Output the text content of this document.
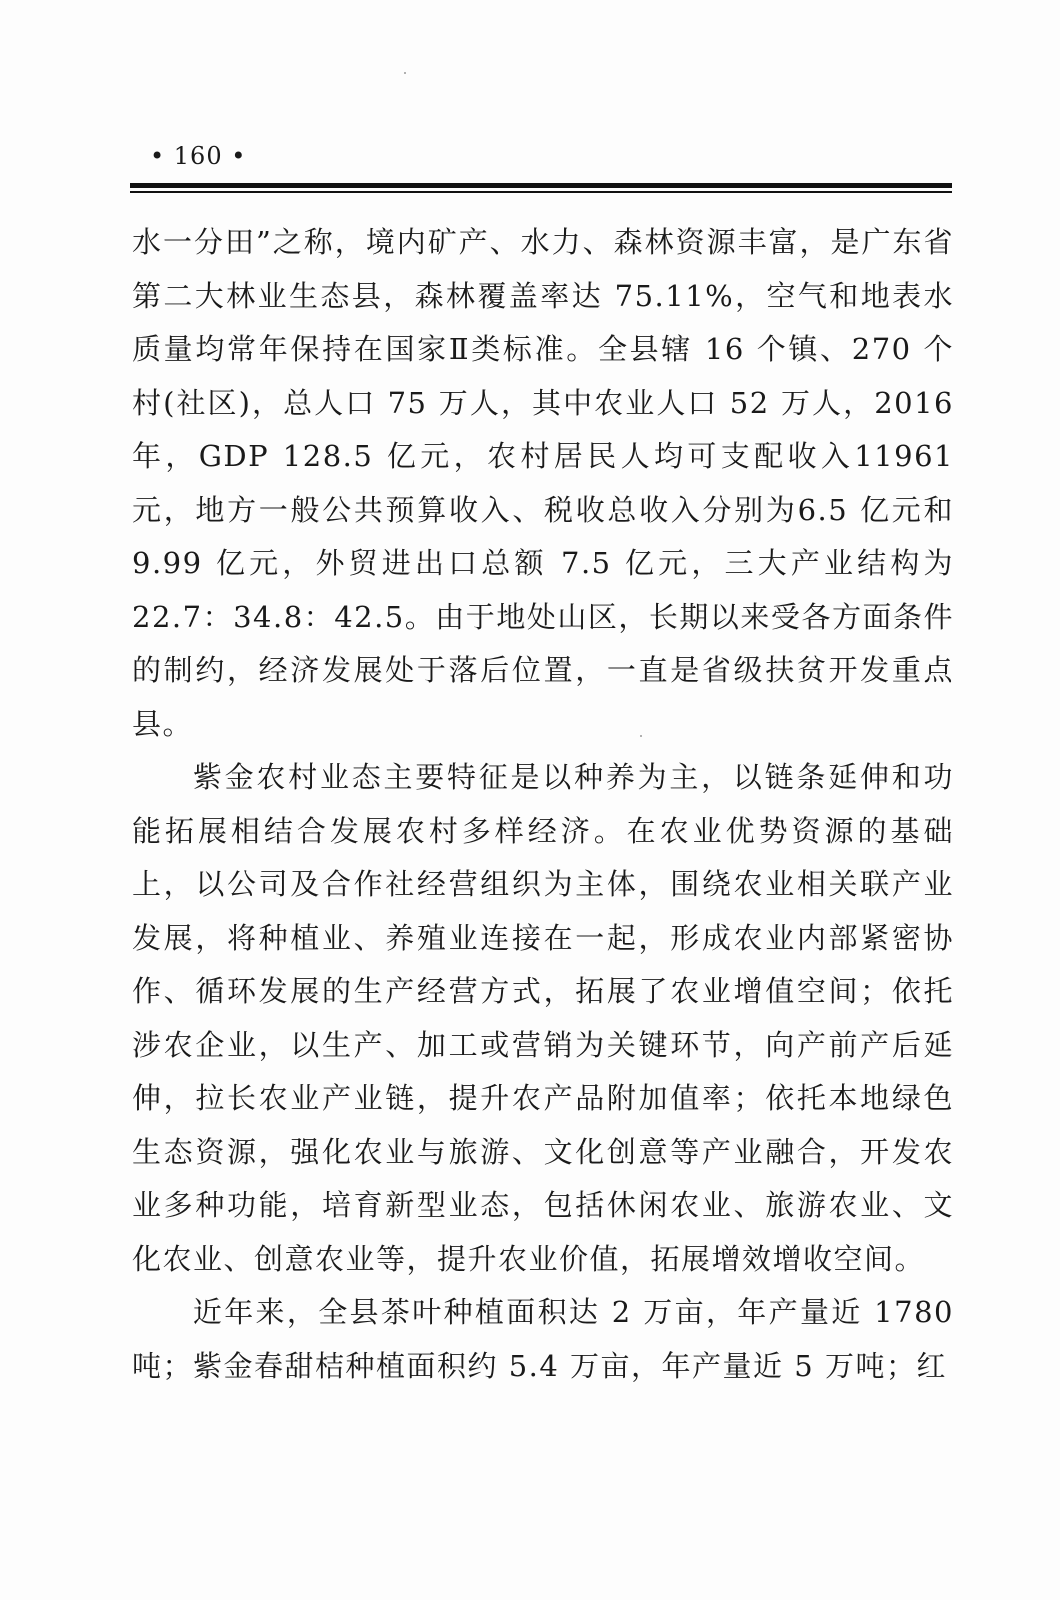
• 160 •

水一分田”之称，境内矿产、水力、森林资源丰富，是广东省第二大林业生态县，森林覆盖率达 75.11%，空气和地表水质量均常年保持在国家Ⅱ类标准。全县辖 16 个镇、270 个村(社区)，总人口 75 万人，其中农业人口 52 万人，2016 年，GDP 128.5 亿元，农村居民人均可支配收入11961 元，地方一般公共预算收入、税收总收入分别为6.5 亿元和 9.99 亿元，外贸进出口总额 7.5 亿元，三大产业结构为 22.7：34.8：42.5。由于地处山区，长期以来受各方面条件的制约，经济发展处于落后位置，一直是省级扶贫开发重点县。

紫金农村业态主要特征是以种养为主，以链条延伸和功能拓展相结合发展农村多样经济。在农业优势资源的基础上，以公司及合作社经营组织为主体，围绕农业相关联产业发展，将种植业、养殖业连接在一起，形成农业内部紧密协作、循环发展的生产经营方式，拓展了农业增值空间；依托涉农企业，以生产、加工或营销为关键环节，向产前产后延伸，拉长农业产业链，提升农产品附加值率；依托本地绿色生态资源，强化农业与旅游、文化创意等产业融合，开发农业多种功能，培育新型业态，包括休闲农业、旅游农业、文化农业、创意农业等，提升农业价值，拓展增效增收空间。

近年来，全县茶叶种植面积达 2 万亩，年产量近 1780 吨；紫金春甜桔种植面积约 5.4 万亩，年产量近 5 万吨；红
